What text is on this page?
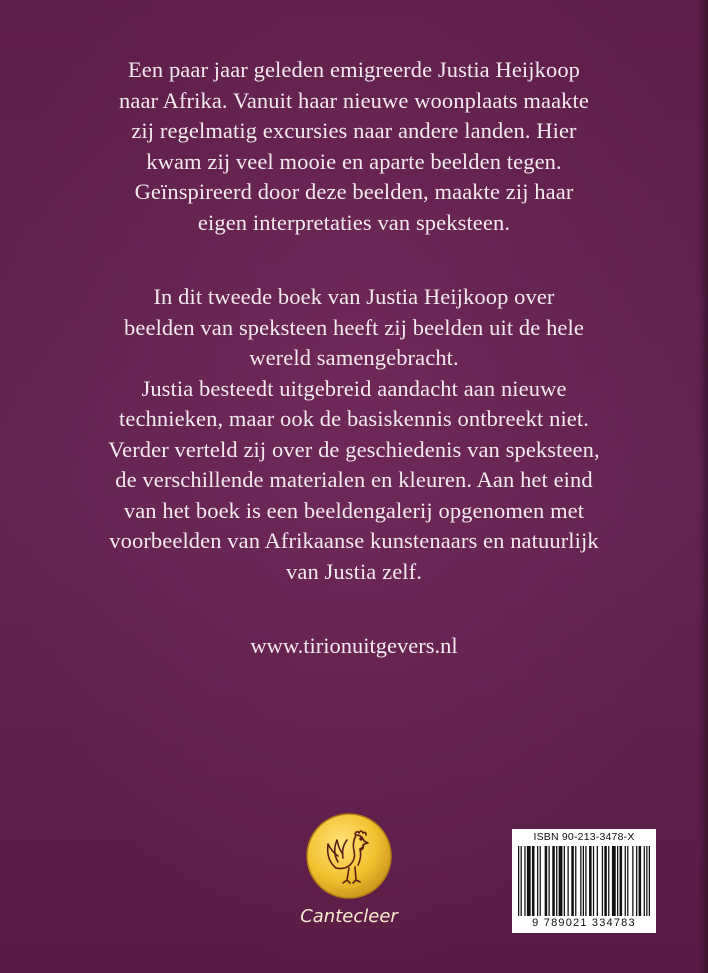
Een paar jaar geleden emigreerde Justia Heijkoop
naar Afrika. Vanuit haar nieuwe woonplaats maakte
zij regelmatig excursies naar andere landen. Hier
kwam zij veel mooie en aparte beelden tegen.
Geïnspireerd door deze beelden, maakte zij haar
eigen interpretaties van speksteen.
In dit tweede boek van Justia Heijkoop over
beelden van speksteen heeft zij beelden uit de hele
wereld samengebracht.
Justia besteedt uitgebreid aandacht aan nieuwe
technieken, maar ook de basiskennis ontbreekt niet.
Verder verteld zij over de geschiedenis van speksteen,
de verschillende materialen en kleuren. Aan het eind
van het boek is een beeldengalerij opgenomen met
voorbeelden van Afrikaanse kunstenaars en natuurlijk
van Justia zelf.
www.tirionuitgevers.nl
Cantecleer
ISBN 90-213-3478-X
9 789021 334783
